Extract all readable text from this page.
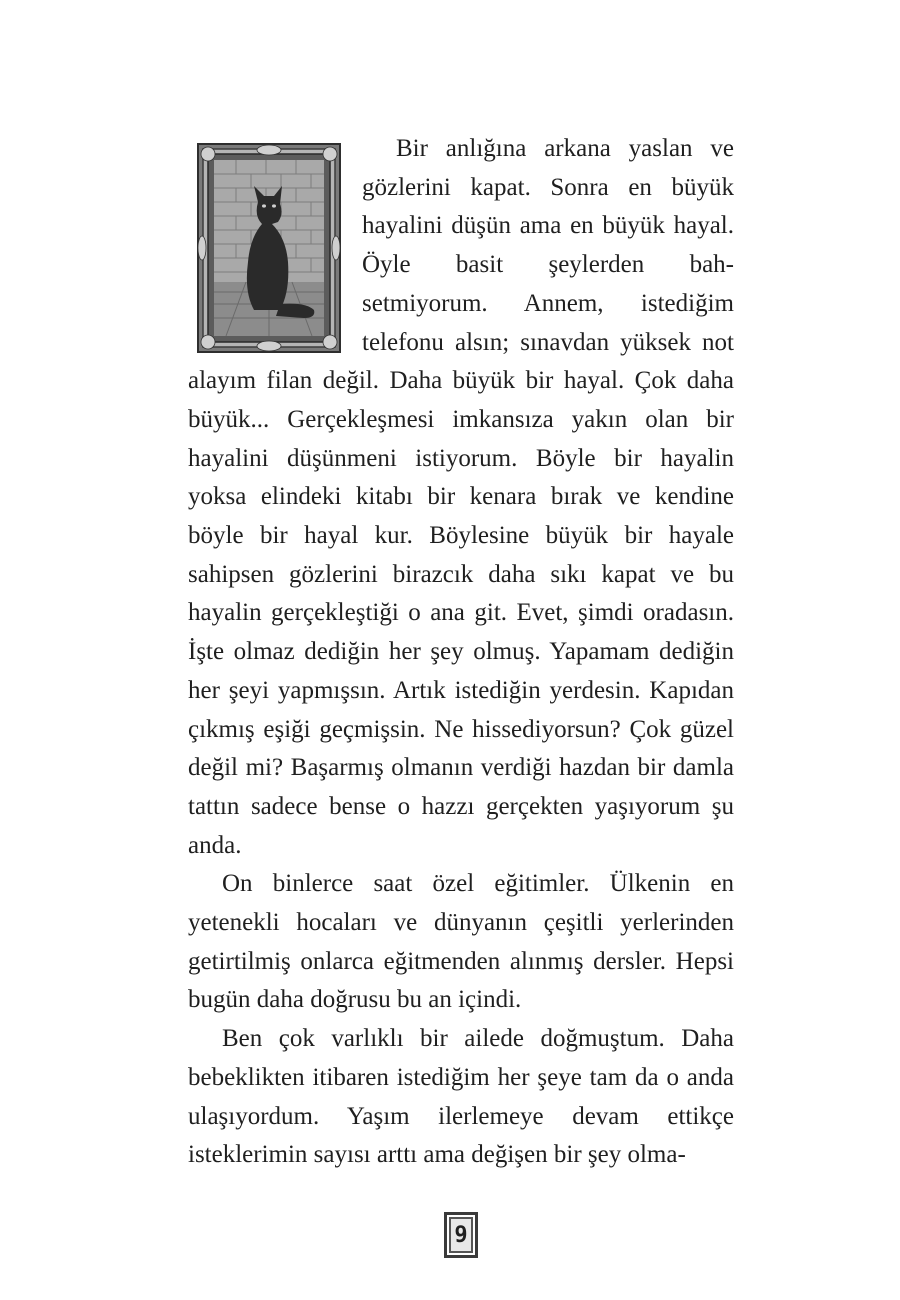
Bir anlığına arkana yaslan ve gözlerini kapat. Sonra en büyük hayalini düşün ama en büyük hayal. Öyle basit şeylerden bahsetmiyorum. Annem, istediğim telefonu alsın; sınavdan yüksek not alayım filan değil. Daha büyük bir hayal. Çok daha büyük... Gerçekleşmesi imkansıza yakın olan bir hayalini düşünmeni istiyorum. Böyle bir hayalin yoksa elindeki kitabı bir kenara bırak ve kendine böyle bir hayal kur. Böylesine büyük bir hayale sahipsen gözlerini birazcık daha sıkı kapat ve bu hayalin gerçekleştiği o ana git. Evet, şimdi oradasın. İşte olmaz dediğin her şey olmuş. Yapamam dediğin her şeyi yapmışsın. Artık istediğin yerdesin. Kapıdan çıkmış eşiği geçmişsin. Ne hissediyorsun? Çok güzel değil mi? Başarmış olmanın verdiği hazdan bir damla tattın sadece bense o hazzı gerçekten yaşıyorum şu anda.

On binlerce saat özel eğitimler. Ülkenin en yetenekli hocaları ve dünyanın çeşitli yerlerinden getirtilmiş onlarca eğitmenden alınmış dersler. Hepsi bugün daha doğrusu bu an içindi.

Ben çok varlıklı bir ailede doğmuştum. Daha bebeklikten itibaren istediğim her şeye tam da o anda ulaşıyordum. Yaşım ilerlemeye devam ettikçe isteklerimin sayısı arttı ama değişen bir şey olma-

9
